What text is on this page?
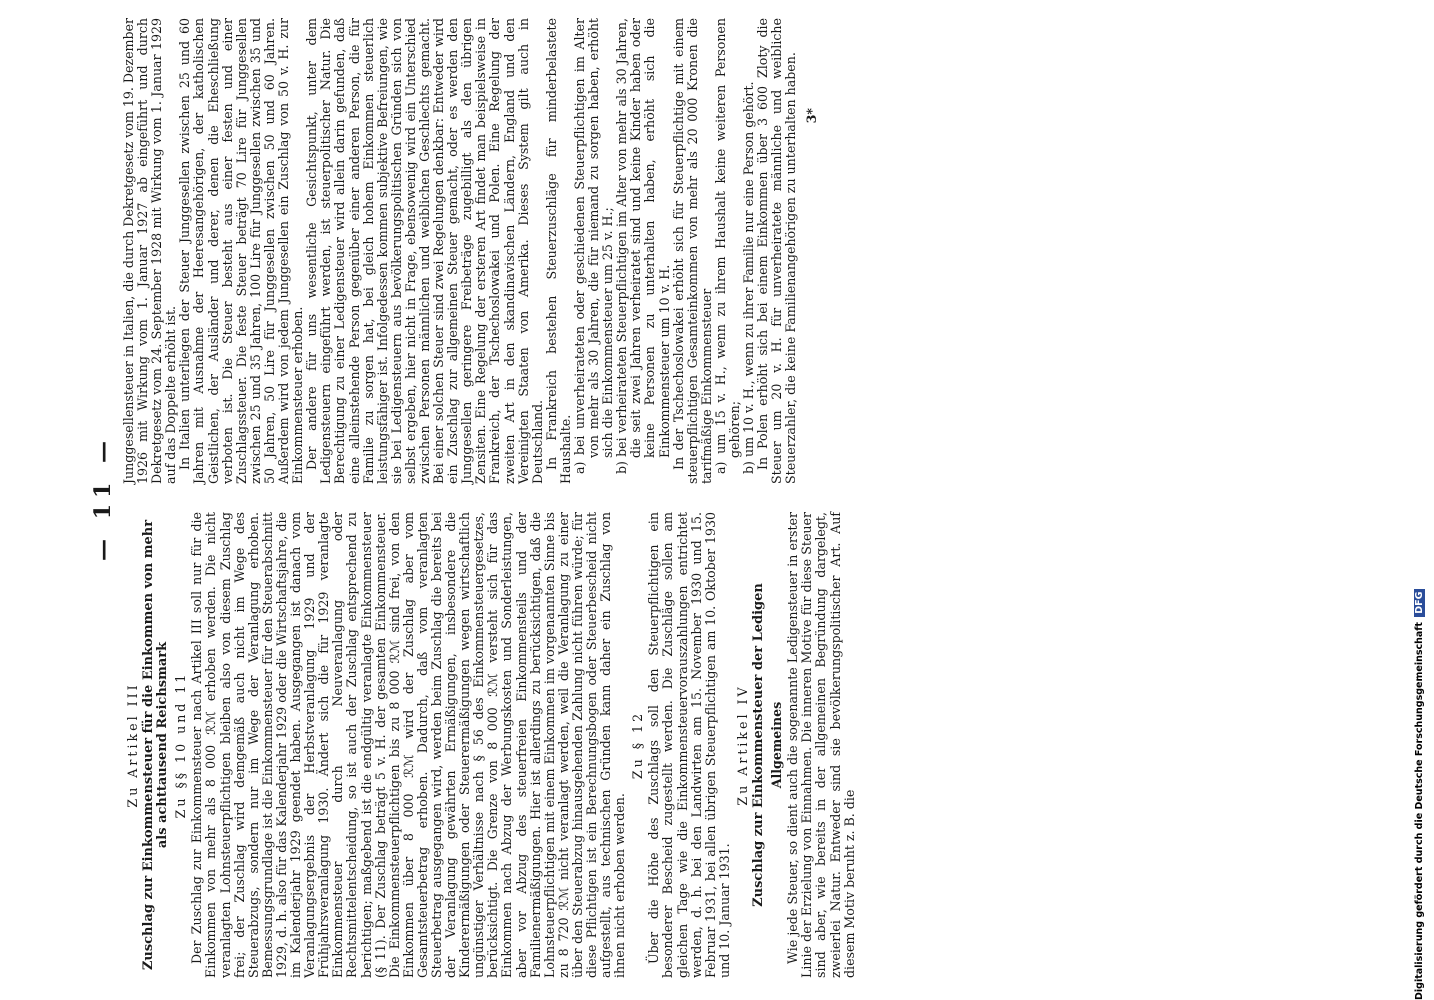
— 11 —
Zu Artikel III Zuschlag zur Einkommensteuer für die Einkommen von mehr als achttausend Reichsmark Zu §§ 10 und 11 Der Zuschlag zur Einkommensteuer nach Artikel III soll nur für die Einkommen von mehr als 8 000 ℛℳ erhoben werden. Die nicht veranlagten Lohnsteuerpflichtigen bleiben also von diesem Zuschlag frei; der Zuschlag wird demgemäß auch nicht im Wege des Steuerabzugs, sondern nur im Wege der Veranlagung erhoben. Bemessungsgrundlage ist die Einkommensteuer für den Steuerabschnitt 1929, d. h. also für das Kalenderjahr 1929 oder die Wirtschaftsjahre, die im Kalenderjahr 1929 geendet haben. Ausgegangen ist danach vom Veranlagungsergebnis der Herbstveranlagung 1929 und der Frühjahrsveranlagung 1930. Ändert sich die für 1929 veranlagte Einkommensteuer durch Neuveranlagung oder Rechtsmittelentscheidung, so ist auch der Zuschlag entsprechend zu berichtigen; maßgebend ist die endgültig veranlagte Einkommensteuer (§ 11). Der Zuschlag beträgt 5 v. H. der gesamten Einkommensteuer. Die Einkommensteuerpflichtigen bis zu 8 000 ℛℳ sind frei, von den Einkommen über 8 000 ℛℳ wird der Zuschlag aber vom Gesamtsteuerbetrag erhoben. Dadurch, daß vom veranlagten Steuerbetrag ausgegangen wird, werden beim Zuschlag die bereits bei der Veranlagung gewährten Ermäßigungen, insbesondere die Kinderermäßigungen oder Steuerermäßigungen wegen wirtschaftlich ungünstiger Verhältnisse nach § 56 des Einkommensteuergesetzes, berücksichtigt. Die Grenze von 8 000 ℛℳ versteht sich für das Einkommen nach Abzug der Werbungskosten und Sonderleistungen, aber vor Abzug des steuerfreien Einkommensteils und der Familienermäßigungen. Hier ist allerdings zu berücksichtigen, daß die Lohnsteuerpflichtigen mit einem Einkommen im vorgenannten Sinne bis zu 8 720 ℛℳ nicht veranlagt werden, weil die Veranlagung zu einer über den Steuerabzug hinausgehenden Zahlung nicht führen würde; für diese Pflichtigen ist ein Berechnungsbogen oder Steuerbescheid nicht aufgestellt, aus technischen Gründen kann daher ein Zuschlag von ihnen nicht erhoben werden.

Zu § 12 Über die Höhe des Zuschlags soll den Steuerpflichtigen ein besonderer Bescheid zugestellt werden. Die Zuschläge sollen am gleichen Tage wie die Einkommensteuervorauszahlungen entrichtet werden, d. h. bei den Landwirten am 15. November 1930 und 15. Februar 1931, bei allen übrigen Steuerpflichtigen am 10. Oktober 1930 und 10. Januar 1931.

Zu Artikel IV Zuschlag zur Einkommensteuer der Ledigen Allgemeines Wie jede Steuer, so dient auch die sogenannte Ledigensteuer in erster Linie der Erzielung von Einnahmen. Die inneren Motive für diese Steuer sind aber, wie bereits in der allgemeinen Begründung dargelegt, zweierlei Natur. Entweder sind sie bevölkerungspolitischer Art. Auf diesem Motiv beruht z. B. die

Junggesellensteuer in Italien, die durch Dekretgesetz vom 19. Dezember 1926 mit Wirkung vom 1. Januar 1927 ab eingeführt und durch Dekretgesetz vom 24. September 1928 mit Wirkung vom 1. Januar 1929 auf das Doppelte erhöht ist. In Italien unterliegen der Steuer Junggesellen zwischen 25 und 60 Jahren mit Ausnahme der Heeresangehörigen, der katholischen Geistlichen, der Ausländer und derer, denen die Eheschließung verboten ist. Die Steuer besteht aus einer festen und einer Zuschlagssteuer. Die feste Steuer beträgt 70 Lire für Junggesellen zwischen 25 und 35 Jahren, 100 Lire für Junggesellen zwischen 35 und 50 Jahren, 50 Lire für Junggesellen zwischen 50 und 60 Jahren. Außerdem wird von jedem Junggesellen ein Zuschlag von 50 v. H. zur Einkommensteuer erhoben. Der andere für uns wesentliche Gesichtspunkt, unter dem Ledigensteuern eingeführt werden, ist steuerpolitischer Natur. Die Berechtigung zu einer Ledigensteuer wird allein darin gefunden, daß eine alleinstehende Person gegenüber einer anderen Person, die für Familie zu sorgen hat, bei gleich hohem Einkommen steuerlich leistungsfähiger ist. Infolgedessen kommen subjektive Befreiungen, wie sie bei Ledigensteuern aus bevölkerungspolitischen Gründen sich von selbst ergeben, hier nicht in Frage, ebensowenig wird ein Unterschied zwischen Personen männlichen und weiblichen Geschlechts gemacht. Bei einer solchen Steuer sind zwei Regelungen denkbar: Entweder wird ein Zuschlag zur allgemeinen Steuer gemacht, oder es werden den Junggesellen geringere Freibeträge zugebilligt als den übrigen Zensiten. Eine Regelung der ersteren Art findet man beispielsweise in Frankreich, der Tschechoslowakei und Polen. Eine Regelung der zweiten Art in den skandinavischen Ländern, England und den Vereinigten Staaten von Amerika. Dieses System gilt auch in Deutschland. In Frankreich bestehen Steuerzuschläge für minderbelastete Haushalte. a) bei unverheirateten oder geschiedenen Steuerpflichtigen im Alter von mehr als 30 Jahren, die für niemand zu sorgen haben, erhöht sich die Einkommensteuer um 25 v. H.; b) bei verheirateten Steuerpflichtigen im Alter von mehr als 30 Jahren, die seit zwei Jahren verheiratet sind und keine Kinder haben oder keine Personen zu unterhalten haben, erhöht sich die Einkommensteuer um 10 v. H. In der Tschechoslowakei erhöht sich für Steuerpflichtige mit einem steuerpflichtigen Gesamteinkommen von mehr als 20 000 Kronen die tarifmäßige Einkommensteuer a) um 15 v. H., wenn zu ihrem Haushalt keine weiteren Personen gehören; b) um 10 v. H., wenn zu ihrer Familie nur eine Person gehört. In Polen erhöht sich bei einem Einkommen über 3 600 Zloty die Steuer um 20 v. H. für unverheiratete männliche und weibliche Steuerzahler, die keine Familienangehörigen zu unterhalten haben. 3*
Digitalisierung gefördert durch die Deutsche Forschungsgemeinschaft DFG
